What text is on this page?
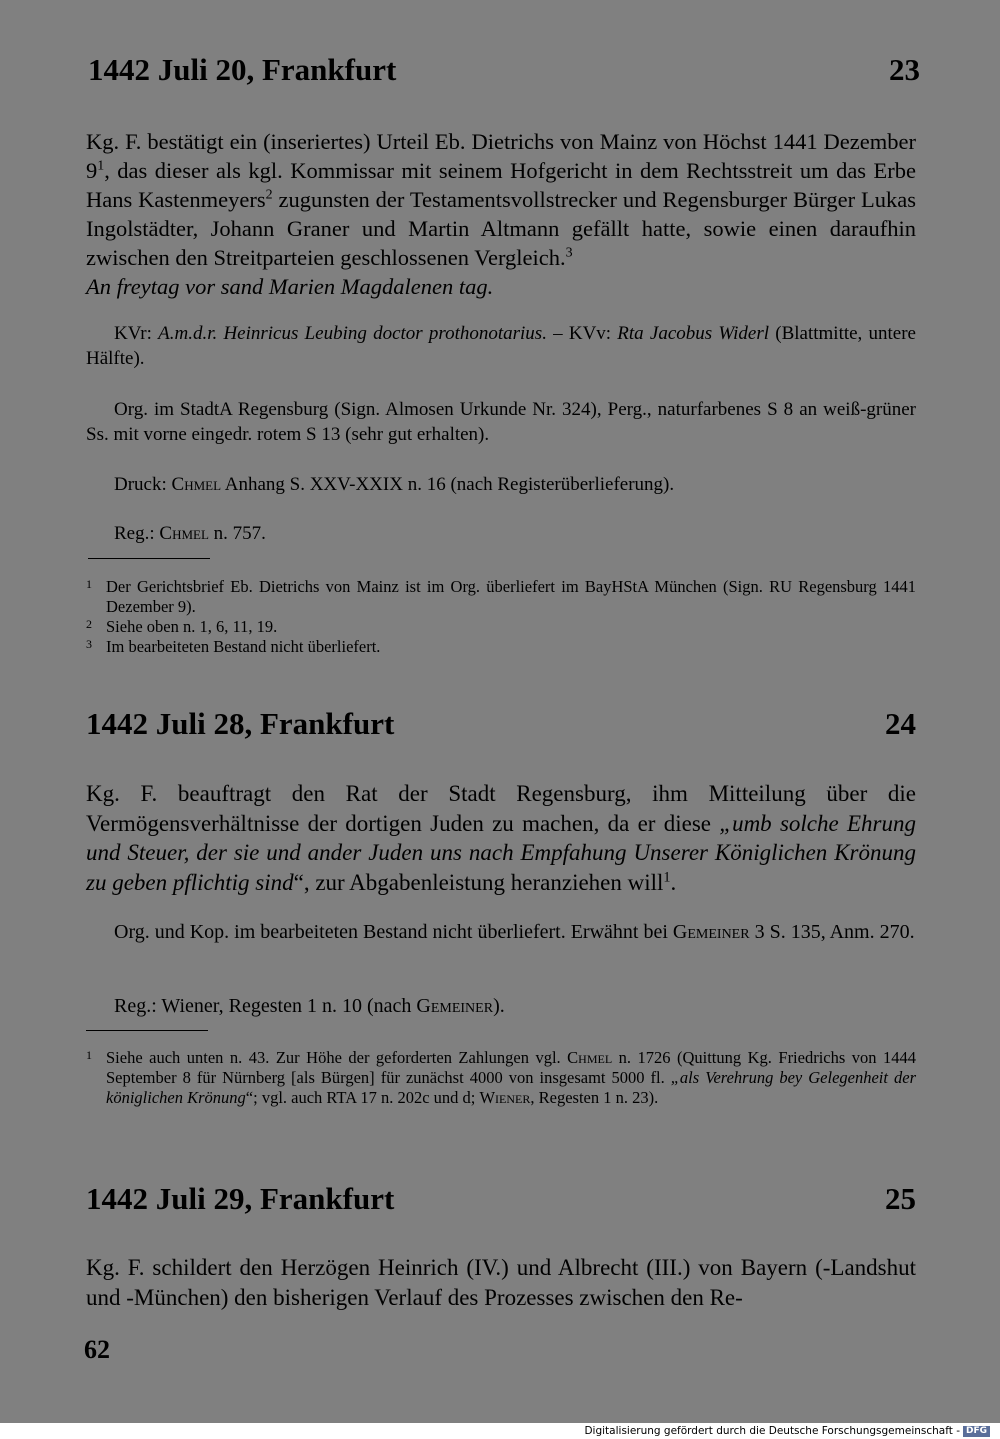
1442 Juli 20, Frankfurt	23
Kg. F. bestätigt ein (inseriertes) Urteil Eb. Dietrichs von Mainz von Höchst 1441 Dezember $9^1$, das dieser als kgl. Kommissar mit seinem Hofgericht in dem Rechtsstreit um das Erbe Hans Kastenmeyers$^2$ zugunsten der Testamentsvollstrecker und Regensburger Bürger Lukas Ingolstädter, Johann Graner und Martin Altmann gefällt hatte, sowie einen daraufhin zwischen den Streitparteien geschlossenen Vergleich.$^3$
An freytag vor sand Marien Magdalenen tag.
KVr: A.m.d.r. Heinricus Leubing doctor prothonotarius. – KVv: Rta Jacobus Widerl (Blattmitte, untere Hälfte).
Org. im StadtA Regensburg (Sign. Almosen Urkunde Nr. 324), Perg., naturfarbenes S 8 an weiß-grüner Ss. mit vorne eingedr. rotem S 13 (sehr gut erhalten).
Druck: Chmel Anhang S. XXV-XXIX n. 16 (nach Registerüberlieferung).
Reg.: Chmel n. 757.
1 Der Gerichtsbrief Eb. Dietrichs von Mainz ist im Org. überliefert im BayHStA München (Sign. RU Regensburg 1441 Dezember 9).
2 Siehe oben n. 1, 6, 11, 19.
3 Im bearbeiteten Bestand nicht überliefert.
1442 Juli 28, Frankfurt	24
Kg. F. beauftragt den Rat der Stadt Regensburg, ihm Mitteilung über die Vermögensverhältnisse der dortigen Juden zu machen, da er diese „umb solche Ehrung und Steuer, der sie und ander Juden uns nach Empfahung Unserer Königlichen Krönung zu geben pflichtig sind“, zur Abgabenleistung heranziehen will$^1$.
Org. und Kop. im bearbeiteten Bestand nicht überliefert. Erwähnt bei Gemeiner 3 S. 135, Anm. 270.
Reg.: Wiener, Regesten 1 n. 10 (nach Gemeiner).
1 Siehe auch unten n. 43. Zur Höhe der geforderten Zahlungen vgl. Chmel n. 1726 (Quittung Kg. Friedrichs von 1444 September 8 für Nürnberg [als Bürgen] für zunächst 4000 von insgesamt 5000 fl. „als Verehrung bey Gelegenheit der königlichen Krönung“; vgl. auch RTA 17 n. 202c und d; Wiener, Regesten 1 n. 23).
1442 Juli 29, Frankfurt	25
Kg. F. schildert den Herzögen Heinrich (IV.) und Albrecht (III.) von Bayern (-Landshut und -München) den bisherigen Verlauf des Prozesses zwischen den Re-
62
Digitalisierung gefördert durch die Deutsche Forschungsgemeinschaft - DFG
